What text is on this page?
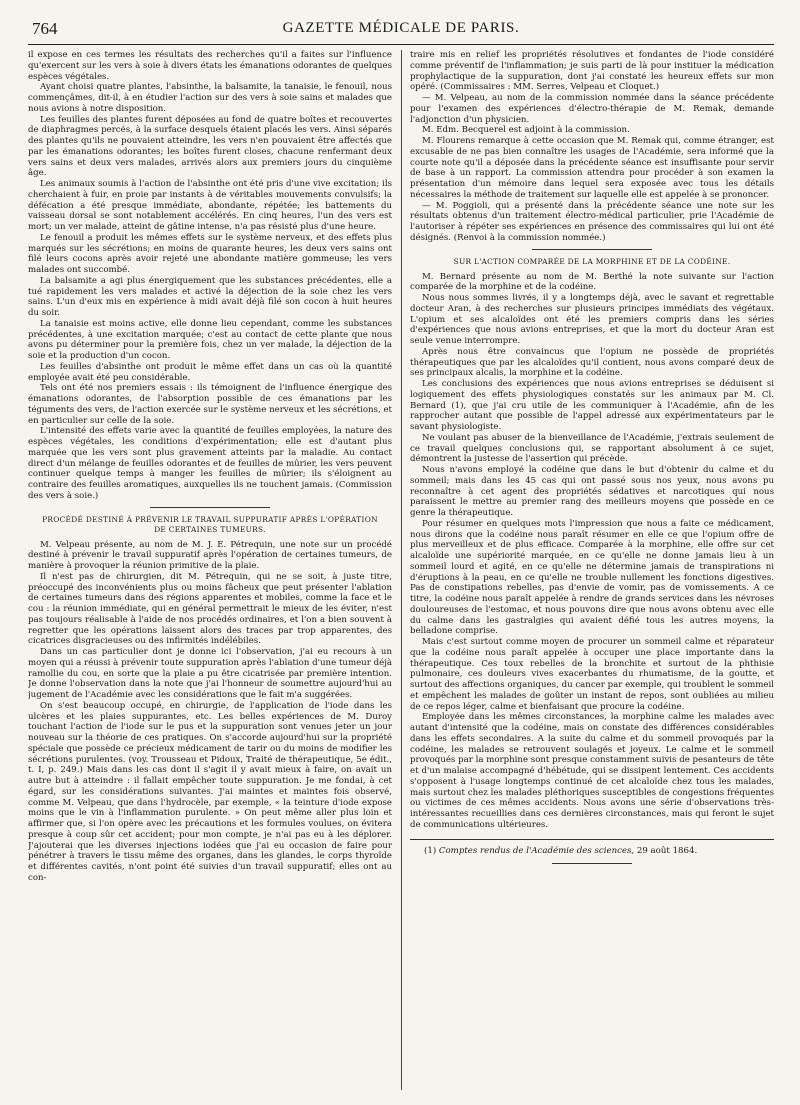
764	GAZETTE MÉDICALE DE PARIS.

il expose en ces termes les résultats des recherches qu'il a faites sur l'influence qu'exercent sur les vers à soie à divers états les émanations odorantes de quelques espèces végétales.

Ayant choisi quatre plantes, l'absinthe, la balsamite, la tanaisie, le fenouil, nous commençâmes, dit-il, à en étudier l'action sur des vers à soie sains et malades que nous avions à notre disposition.

Les feuilles des plantes furent déposées au fond de quatre boîtes et recouvertes de diaphragmes percés, à la surface desquels étaient placés les vers. Ainsi séparés des plantes qu'ils ne pouvaient atteindre, les vers n'en pouvaient être affectés que par les émanations odorantes; les boîtes furent closes, chacune renfermant deux vers sains et deux vers malades, arrivés alors aux premiers jours du cinquième âge.

Les animaux soumis à l'action de l'absinthe ont été pris d'une vive excitation; ils cherchaient à fuir, en proie par instants à de véritables mouvements convulsifs; la défécation a été presque immédiate, abondante, répétée; les battements du vaisseau dorsal se sont notablement accélérés. En cinq heures, l'un des vers est mort; un ver malade, atteint de gâtine intense, n'a pas résisté plus d'une heure.

Le fenouil a produit les mêmes effets sur le système nerveux, et des effets plus marqués sur les sécrétions; en moins de quarante heures, les deux vers sains ont filé leurs cocons après avoir rejeté une abondante matière gommeuse; les vers malades ont succombé.

La balsamite a agi plus énergiquement que les substances précédentes, elle a tué rapidement les vers malades et activé la déjection de la soie chez les vers sains. L'un d'eux mis en expérience à midi avait déjà filé son cocon à huit heures du soir.

La tanaisie est moins active, elle donne lieu cependant, comme les substances précédentes, à une excitation marquée; c'est au contact de cette plante que nous avons pu déterminer pour la première fois, chez un ver malade, la déjection de la soie et la production d'un cocon.

Les feuilles d'absinthe ont produit le même effet dans un cas où la quantité employée avait été peu considérable.

Tels ont été nos premiers essais : ils témoignent de l'influence énergique des émanations odorantes, de l'absorption possible de ces émanations par les téguments des vers, de l'action exercée sur le système nerveux et les sécrétions, et en particulier sur celle de la soie.

L'intensité des effets varie avec la quantité de feuilles employées, la nature des espèces végétales, les conditions d'expérimentation; elle est d'autant plus marquée que les vers sont plus gravement atteints par la maladie. Au contact direct d'un mélange de feuilles odorantes et de feuilles de mûrier, les vers peuvent continuer quelque temps à manger les feuilles de mûrier; ils s'éloignent au contraire des feuilles aromatiques, auxquelles ils ne touchent jamais. (Commission des vers à soie.)

PROCÉDÉ DESTINÉ À PRÉVENIR LE TRAVAIL SUPPURATIF APRÈS L'OPÉRATION
DE CERTAINES TUMEURS.

M. Velpeau présente, au nom de M. J. E. Pétrequin, une note sur un procédé destiné à prévenir le travail suppuratif après l'opération de certaines tumeurs, de manière à provoquer la réunion primitive de la plaie.

Il n'est pas de chirurgien, dit M. Pétrequin, qui ne se soit, à juste titre, préoccupé des inconvénients plus ou moins fâcheux que peut présenter l'ablation de certaines tumeurs dans des régions apparentes et mobiles, comme la face et le cou : la réunion immédiate, qui en général permettrait le mieux de les éviter, n'est pas toujours réalisable à l'aide de nos procédés ordinaires, et l'on a bien souvent à regretter que les opérations laissent alors des traces par trop apparentes, des cicatrices disgracieuses ou des infirmités indélébiles.

Dans un cas particulier dont je donne ici l'observation, j'ai eu recours à un moyen qui a réussi à prévenir toute suppuration après l'ablation d'une tumeur déjà ramollie du cou, en sorte que la plaie a pu être cicatrisée par première intention. Je donne l'observation dans la note que j'ai l'honneur de soumettre aujourd'hui au jugement de l'Académie avec les considérations que le fait m'a suggérées.

On s'est beaucoup occupé, en chirurgie, de l'application de l'iode dans les ulcères et les plaies suppurantes, etc. Les belles expériences de M. Duroy touchant l'action de l'iode sur le pus et la suppuration sont venues jeter un jour nouveau sur la théorie de ces pratiques. On s'accorde aujourd'hui sur la propriété spéciale que possède ce précieux médicament de tarir ou du moins de modifier les sécrétions purulentes. (voy. Trousseau et Pidoux, Traité de thérapeutique, 5e édit., t. I, p. 249.) Mais dans les cas dont il s'agit il y avait mieux à faire, on avait un autre but à atteindre : il fallait empêcher toute suppuration. Je me fondai, à cet égard, sur les considérations suivantes. J'ai maintes et maintes fois observé, comme M. Velpeau, que dans l'hydrocèle, par exemple, « la teinture d'iode expose moins que le vin à l'inflammation purulente. » On peut même aller plus loin et affirmer que, si l'on opère avec les précautions et les formules voulues, on évitera presque à coup sûr cet accident; pour mon compte, je n'ai pas eu à les déplorer. J'ajouterai que les diverses injections iodées que j'ai eu occasion de faire pour pénétrer à travers le tissu même des organes, dans les glandes, le corps thyroïde et différentes cavités, n'ont point été suivies d'un travail suppuratif; elles ont au con-

traire mis en relief les propriétés résolutives et fondantes de l'iode considéré comme préventif de l'inflammation; je suis parti de là pour instituer la médication prophylactique de la suppuration, dont j'ai constaté les heureux effets sur mon opéré. (Commissaires : MM. Serres, Velpeau et Cloquet.)

— M. Velpeau, au nom de la commission nommée dans la séance précédente pour l'examen des expériences d'électro-thérapie de M. Remak, demande l'adjonction d'un physicien.

M. Edm. Becquerel est adjoint à la commission.

M. Flourens remarque à cette occasion que M. Remak qui, comme étranger, est excusable de ne pas bien connaître les usages de l'Académie, sera informé que la courte note qu'il a déposée dans la précédente séance est insuffisante pour servir de base à un rapport. La commission attendra pour procéder à son examen la présentation d'un mémoire dans lequel sera exposée avec tous les détails nécessaires la méthode de traitement sur laquelle elle est appelée à se prononcer.

— M. Poggioli, qui a présenté dans la précédente séance une note sur les résultats obtenus d'un traitement électro-médical particulier, prie l'Académie de l'autoriser à répéter ses expériences en présence des commissaires qui lui ont été désignés. (Renvoi à la commission nommée.)

SUR L'ACTION COMPARÉE DE LA MORPHINE ET DE LA CODÉINE.

M. Bernard présente au nom de M. Berthé la note suivante sur l'action comparée de la morphine et de la codéine.

Nous nous sommes livrés, il y a longtemps déjà, avec le savant et regrettable docteur Aran, à des recherches sur plusieurs principes immédiats des végétaux. L'opium et ses alcaloïdes ont été les premiers compris dans les séries d'expériences que nous avions entreprises, et que la mort du docteur Aran est seule venue interrompre.

Après nous être convaincus que l'opium ne possède de propriétés thérapeutiques que par les alcaloïdes qu'il contient, nous avons comparé deux de ses principaux alcalis, la morphine et la codéine.

Les conclusions des expériences que nous avions entreprises se déduisent si logiquement des effets physiologiques constatés sur les animaux par M. Cl. Bernard (1), que j'ai cru utile de les communiquer à l'Académie, afin de les rapprocher autant que possible de l'appel adressé aux expérimentateurs par le savant physiologiste.

Ne voulant pas abuser de la bienveillance de l'Académie, j'extrais seulement de ce travail quelques conclusions qui, se rapportant absolument à ce sujet, démontrent la justesse de l'assertion qui précède.

Nous n'avons employé la codéine que dans le but d'obtenir du calme et du sommeil; mais dans les 45 cas qui ont passé sous nos yeux, nous avons pu reconnaître à cet agent des propriétés sédatives et narcotiques qui nous paraissent le mettre au premier rang des meilleurs moyens que possède en ce genre la thérapeutique.

Pour résumer en quelques mots l'impression que nous a faite ce médicament, nous dirons que la codéine nous paraît résumer en elle ce que l'opium offre de plus merveilleux et de plus efficace. Comparée à la morphine, elle offre sur cet alcaloïde une supériorité marquée, en ce qu'elle ne donne jamais lieu à un sommeil lourd et agité, en ce qu'elle ne détermine jamais de transpirations ni d'éruptions à la peau, en ce qu'elle ne trouble nullement les fonctions digestives. Pas de constipations rebelles, pas d'envie de vomir, pas de vomissements. A ce titre, la codéine nous paraît appelée à rendre de grands services dans les névroses douloureuses de l'estomac, et nous pouvons dire que nous avons obtenu avec elle du calme dans les gastralgies qui avaient défié tous les autres moyens, la belladone comprise.

Mais c'est surtout comme moyen de procurer un sommeil calme et réparateur que la codéine nous paraît appelée à occuper une place importante dans la thérapeutique. Ces toux rebelles de la bronchite et surtout de la phthisie pulmonaire, ces douleurs vives exacerbantes du rhumatisme, de la goutte, et surtout des affections organiques, du cancer par exemple, qui troublent le sommeil et empêchent les malades de goûter un instant de repos, sont oubliées au milieu de ce repos léger, calme et bienfaisant que procure la codéine.

Employée dans les mêmes circonstances, la morphine calme les malades avec autant d'intensité que la codéine, mais on constate des différences considérables dans les effets secondaires. A la suite du calme et du sommeil provoqués par la codéine, les malades se retrouvent soulagés et joyeux. Le calme et le sommeil provoqués par la morphine sont presque constamment suivis de pesanteurs de tête et d'un malaise accompagné d'hébétude, qui se dissipent lentement. Ces accidents s'opposent à l'usage longtemps continué de cet alcaloïde chez tous les malades, mais surtout chez les malades pléthoriques susceptibles de congestions fréquentes ou victimes de ces mêmes accidents. Nous avons une série d'observations très-intéressantes recueillies dans ces dernières circonstances, mais qui feront le sujet de communications ultérieures.

(1) Comptes rendus de l'Académie des sciences, 29 août 1864.
